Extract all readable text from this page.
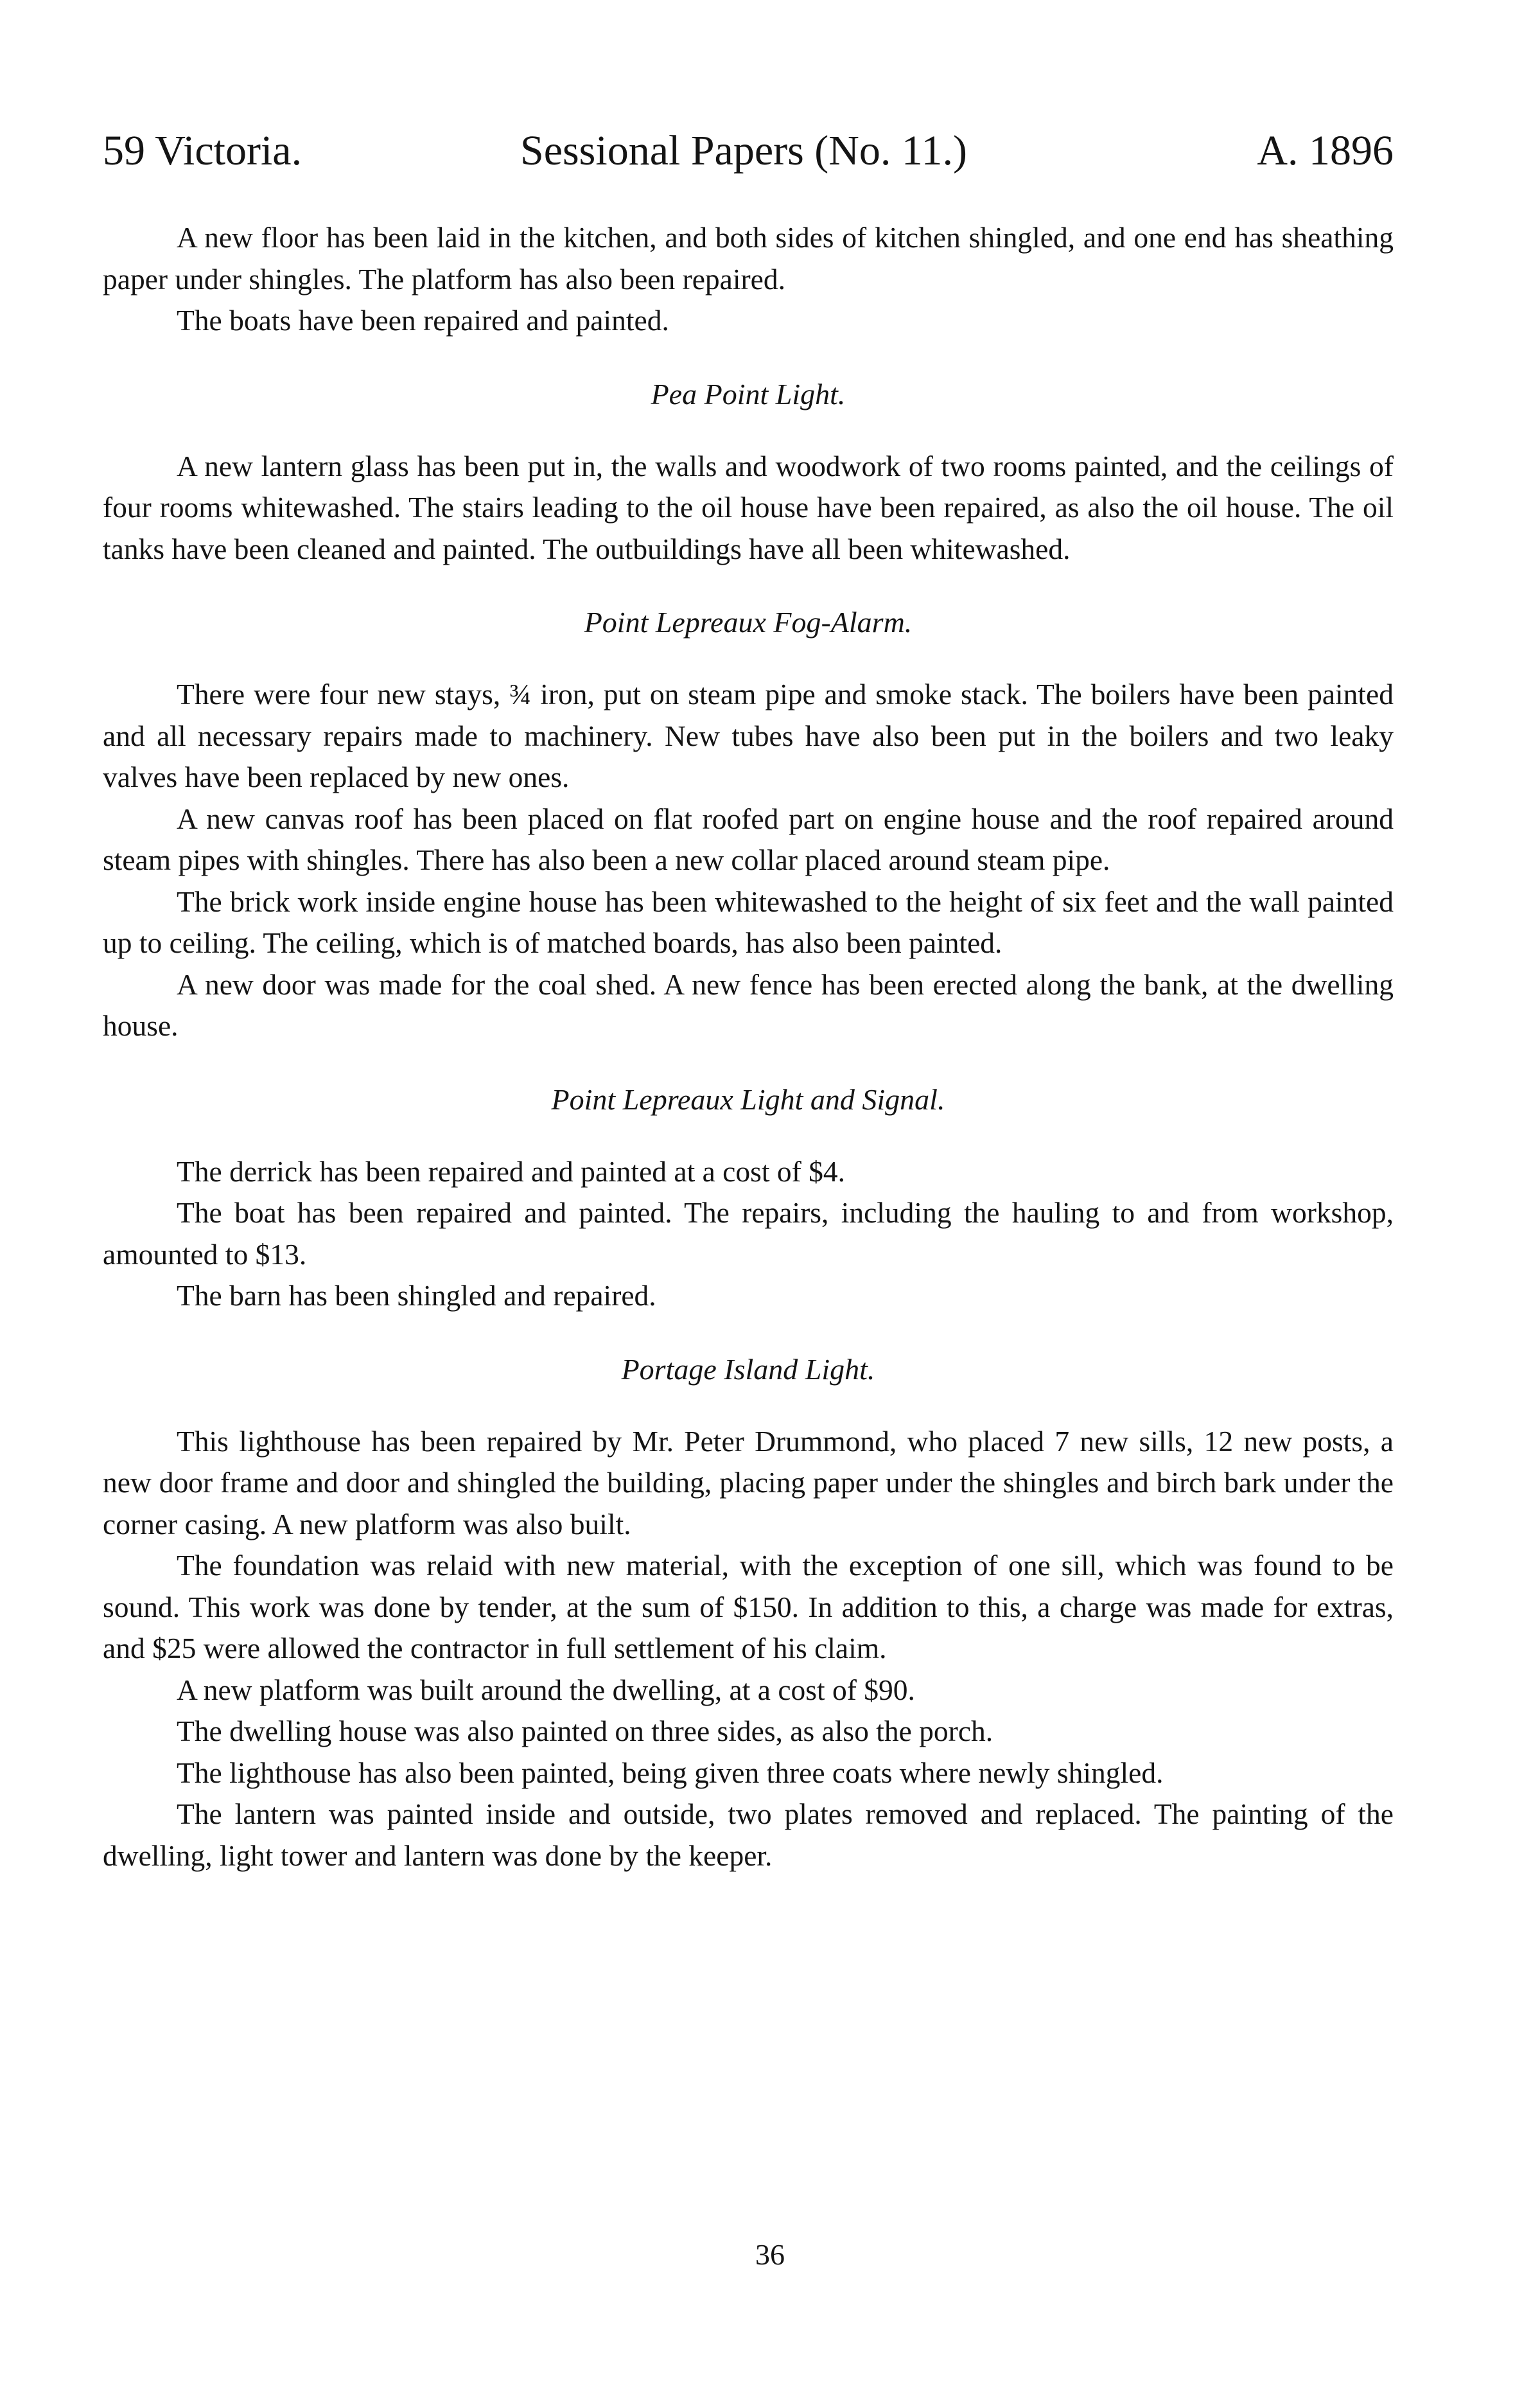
59 Victoria.	Sessional Papers (No. 11.)	A. 1896

A new floor has been laid in the kitchen, and both sides of kitchen shingled, and one end has sheathing paper under shingles. The platform has also been repaired.

The boats have been repaired and painted.

Pea Point Light.

A new lantern glass has been put in, the walls and woodwork of two rooms painted, and the ceilings of four rooms whitewashed. The stairs leading to the oil house have been repaired, as also the oil house. The oil tanks have been cleaned and painted. The outbuildings have all been whitewashed.

Point Lepreaux Fog-Alarm.

There were four new stays, ¾ iron, put on steam pipe and smoke stack. The boilers have been painted and all necessary repairs made to machinery. New tubes have also been put in the boilers and two leaky valves have been replaced by new ones.

A new canvas roof has been placed on flat roofed part on engine house and the roof repaired around steam pipes with shingles. There has also been a new collar placed around steam pipe.

The brick work inside engine house has been whitewashed to the height of six feet and the wall painted up to ceiling. The ceiling, which is of matched boards, has also been painted.

A new door was made for the coal shed. A new fence has been erected along the bank, at the dwelling house.

Point Lepreaux Light and Signal.

The derrick has been repaired and painted at a cost of $4.

The boat has been repaired and painted. The repairs, including the hauling to and from workshop, amounted to $13.

The barn has been shingled and repaired.

Portage Island Light.

This lighthouse has been repaired by Mr. Peter Drummond, who placed 7 new sills, 12 new posts, a new door frame and door and shingled the building, placing paper under the shingles and birch bark under the corner casing. A new platform was also built.

The foundation was relaid with new material, with the exception of one sill, which was found to be sound. This work was done by tender, at the sum of $150. In addition to this, a charge was made for extras, and $25 were allowed the contractor in full settlement of his claim.

A new platform was built around the dwelling, at a cost of $90.

The dwelling house was also painted on three sides, as also the porch.

The lighthouse has also been painted, being given three coats where newly shingled.

The lantern was painted inside and outside, two plates removed and replaced. The painting of the dwelling, light tower and lantern was done by the keeper.

36
